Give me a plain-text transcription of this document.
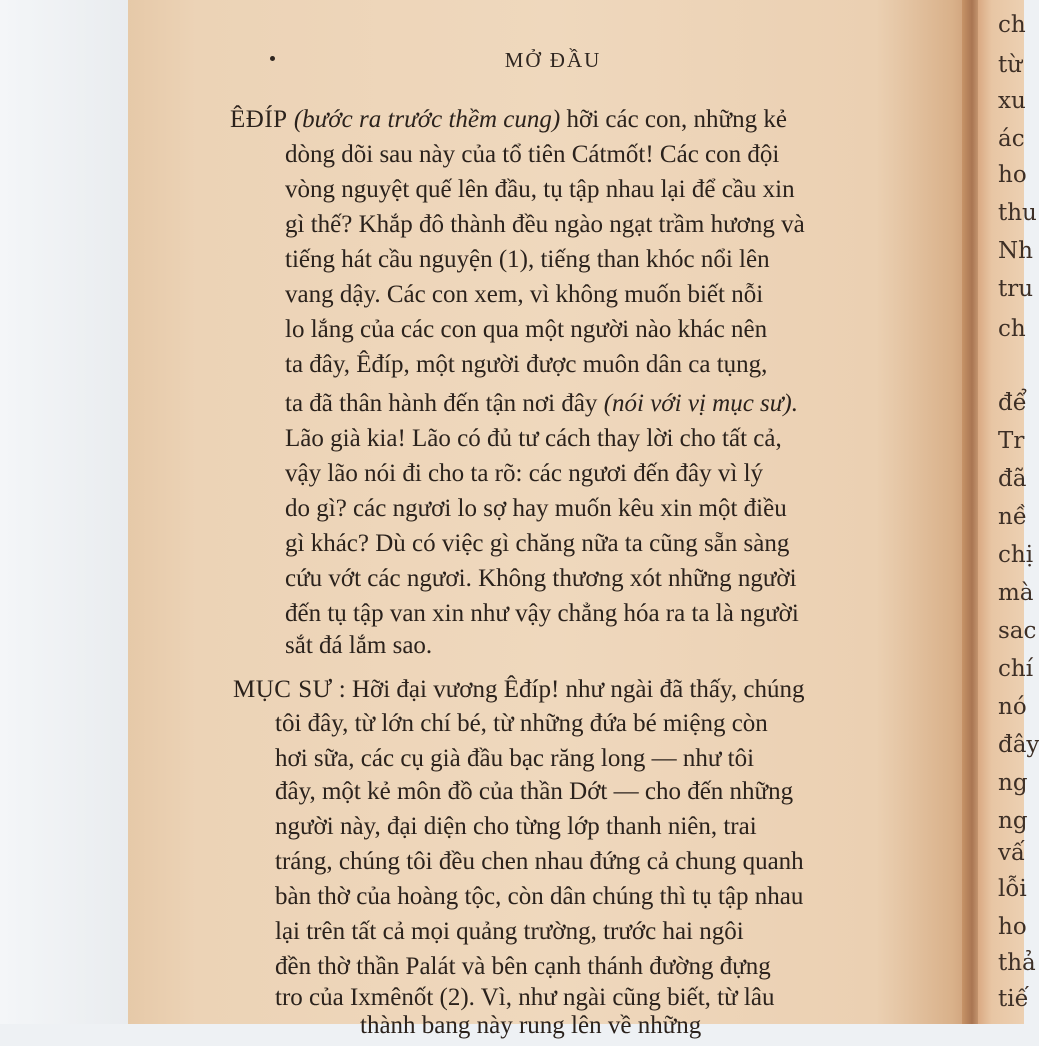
MỞ ĐẦU
ÊĐÍP (bước ra trước thềm cung) hỡi các con, những kẻ
dòng dõi sau này của tổ tiên Cátmốt! Các con đội
vòng nguyệt quế lên đầu, tụ tập nhau lại để cầu xin
gì thế? Khắp đô thành đều ngào ngạt trầm hương và
tiếng hát cầu nguyện (1), tiếng than khóc nổi lên
vang dậy. Các con xem, vì không muốn biết nỗi
lo lắng của các con qua một người nào khác nên
ta đây, Êđíp, một người được muôn dân ca tụng,
ta đã thân hành đến tận nơi đây (nói với vị mục sư).
Lão già kia! Lão có đủ tư cách thay lời cho tất cả,
vậy lão nói đi cho ta rõ: các ngươi đến đây vì lý
do gì? các ngươi lo sợ hay muốn kêu xin một điều
gì khác? Dù có việc gì chăng nữa ta cũng sẵn sàng
cứu vớt các ngươi. Không thương xót những người
đến tụ tập van xin như vậy chẳng hóa ra ta là người
sắt đá lắm sao.
MỤC SƯ : Hỡi đại vương Êđíp! như ngài đã thấy, chúng
tôi đây, từ lớn chí bé, từ những đứa bé miệng còn
hơi sữa, các cụ già đầu bạc răng long — như tôi
đây, một kẻ môn đồ của thần Dớt — cho đến những
người này, đại diện cho từng lớp thanh niên, trai
tráng, chúng tôi đều chen nhau đứng cả chung quanh
bàn thờ của hoàng tộc, còn dân chúng thì tụ tập nhau
lại trên tất cả mọi quảng trường, trước hai ngôi
đền thờ thần Palát và bên cạnh thánh đường đựng
tro của Ixmênốt (2). Vì, như ngài cũng biết, từ lâu
thành bang này rung lên về những
ch
từ
xu
ác
ho
thu
Nh
tru
ch
để
Tr
đã
nề
chị
mà
sac
chí
nó
đây
ng
ng
vấ
lỗi
ho
thả
tiế
